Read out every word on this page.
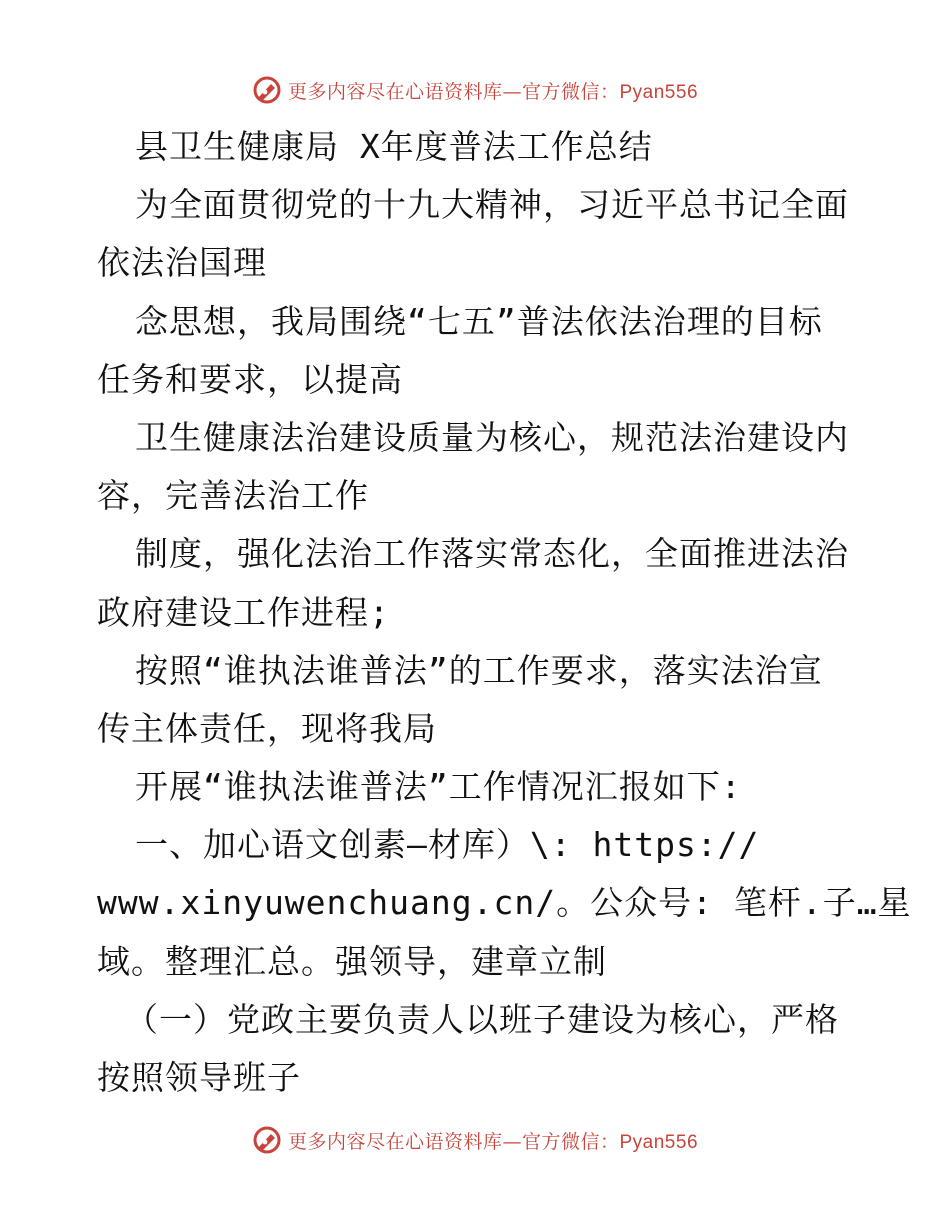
更多内容尽在心语资料库—官方微信：Pyan556
县卫生健康局 X年度普法工作总结
为全面贯彻党的十九大精神，习近平总书记全面
依法治国理
念思想，我局围绕“七五”普法依法治理的目标
任务和要求，以提高
卫生健康法治建设质量为核心，规范法治建设内
容，完善法治工作
制度，强化法治工作落实常态化，全面推进法治
政府建设工作进程;
按照“谁执法谁普法”的工作要求，落实法治宣
传主体责任，现将我局
开展“谁执法谁普法”工作情况汇报如下:
一、加心语文创素—材库）\: https://
www.xinyuwenchuang.cn/。公众号: 笔杆.子…星
域。整理汇总。强领导，建章立制
（一）党政主要负责人以班子建设为核心，严格
按照领导班子
更多内容尽在心语资料库—官方微信：Pyan556
